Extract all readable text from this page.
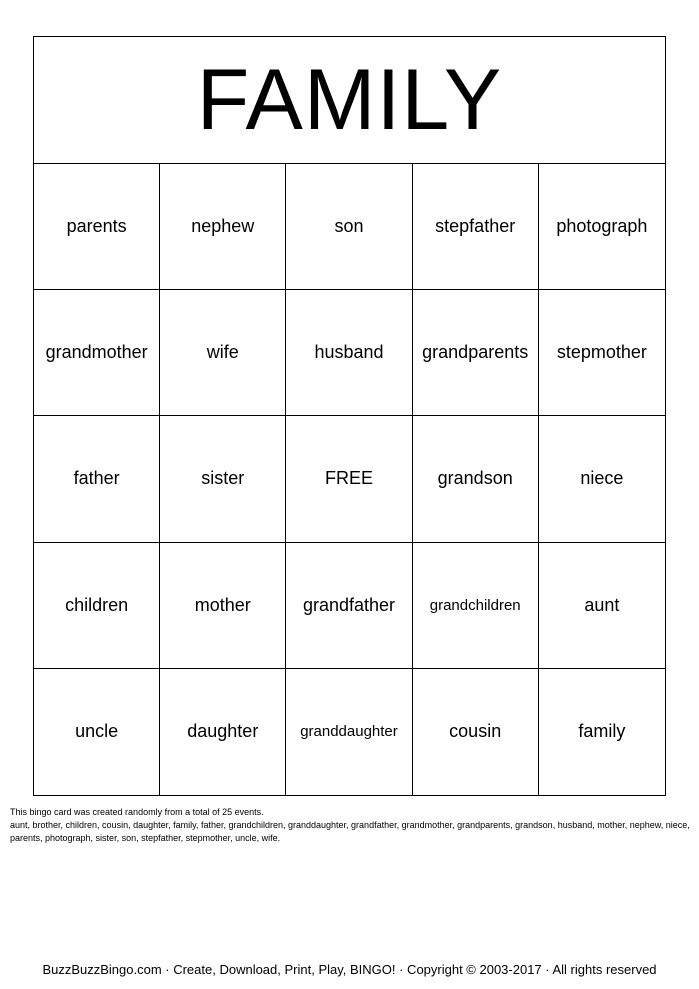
FAMILY
parents	nephew	son	stepfather	photograph
grandmother	wife	husband	grandparents	stepmother
father	sister	FREE	grandson	niece
children	mother	grandfather	grandchildren	aunt
uncle	daughter	granddaughter	cousin	family
This bingo card was created randomly from a total of 25 events.
aunt, brother, children, cousin, daughter, family, father, grandchildren, granddaughter, grandfather, grandmother, grandparents, grandson, husband, mother, nephew, niece, parents, photograph, sister, son, stepfather, stepmother, uncle, wife.
BuzzBuzzBingo.com · Create, Download, Print, Play, BINGO! · Copyright © 2003-2017 · All rights reserved
